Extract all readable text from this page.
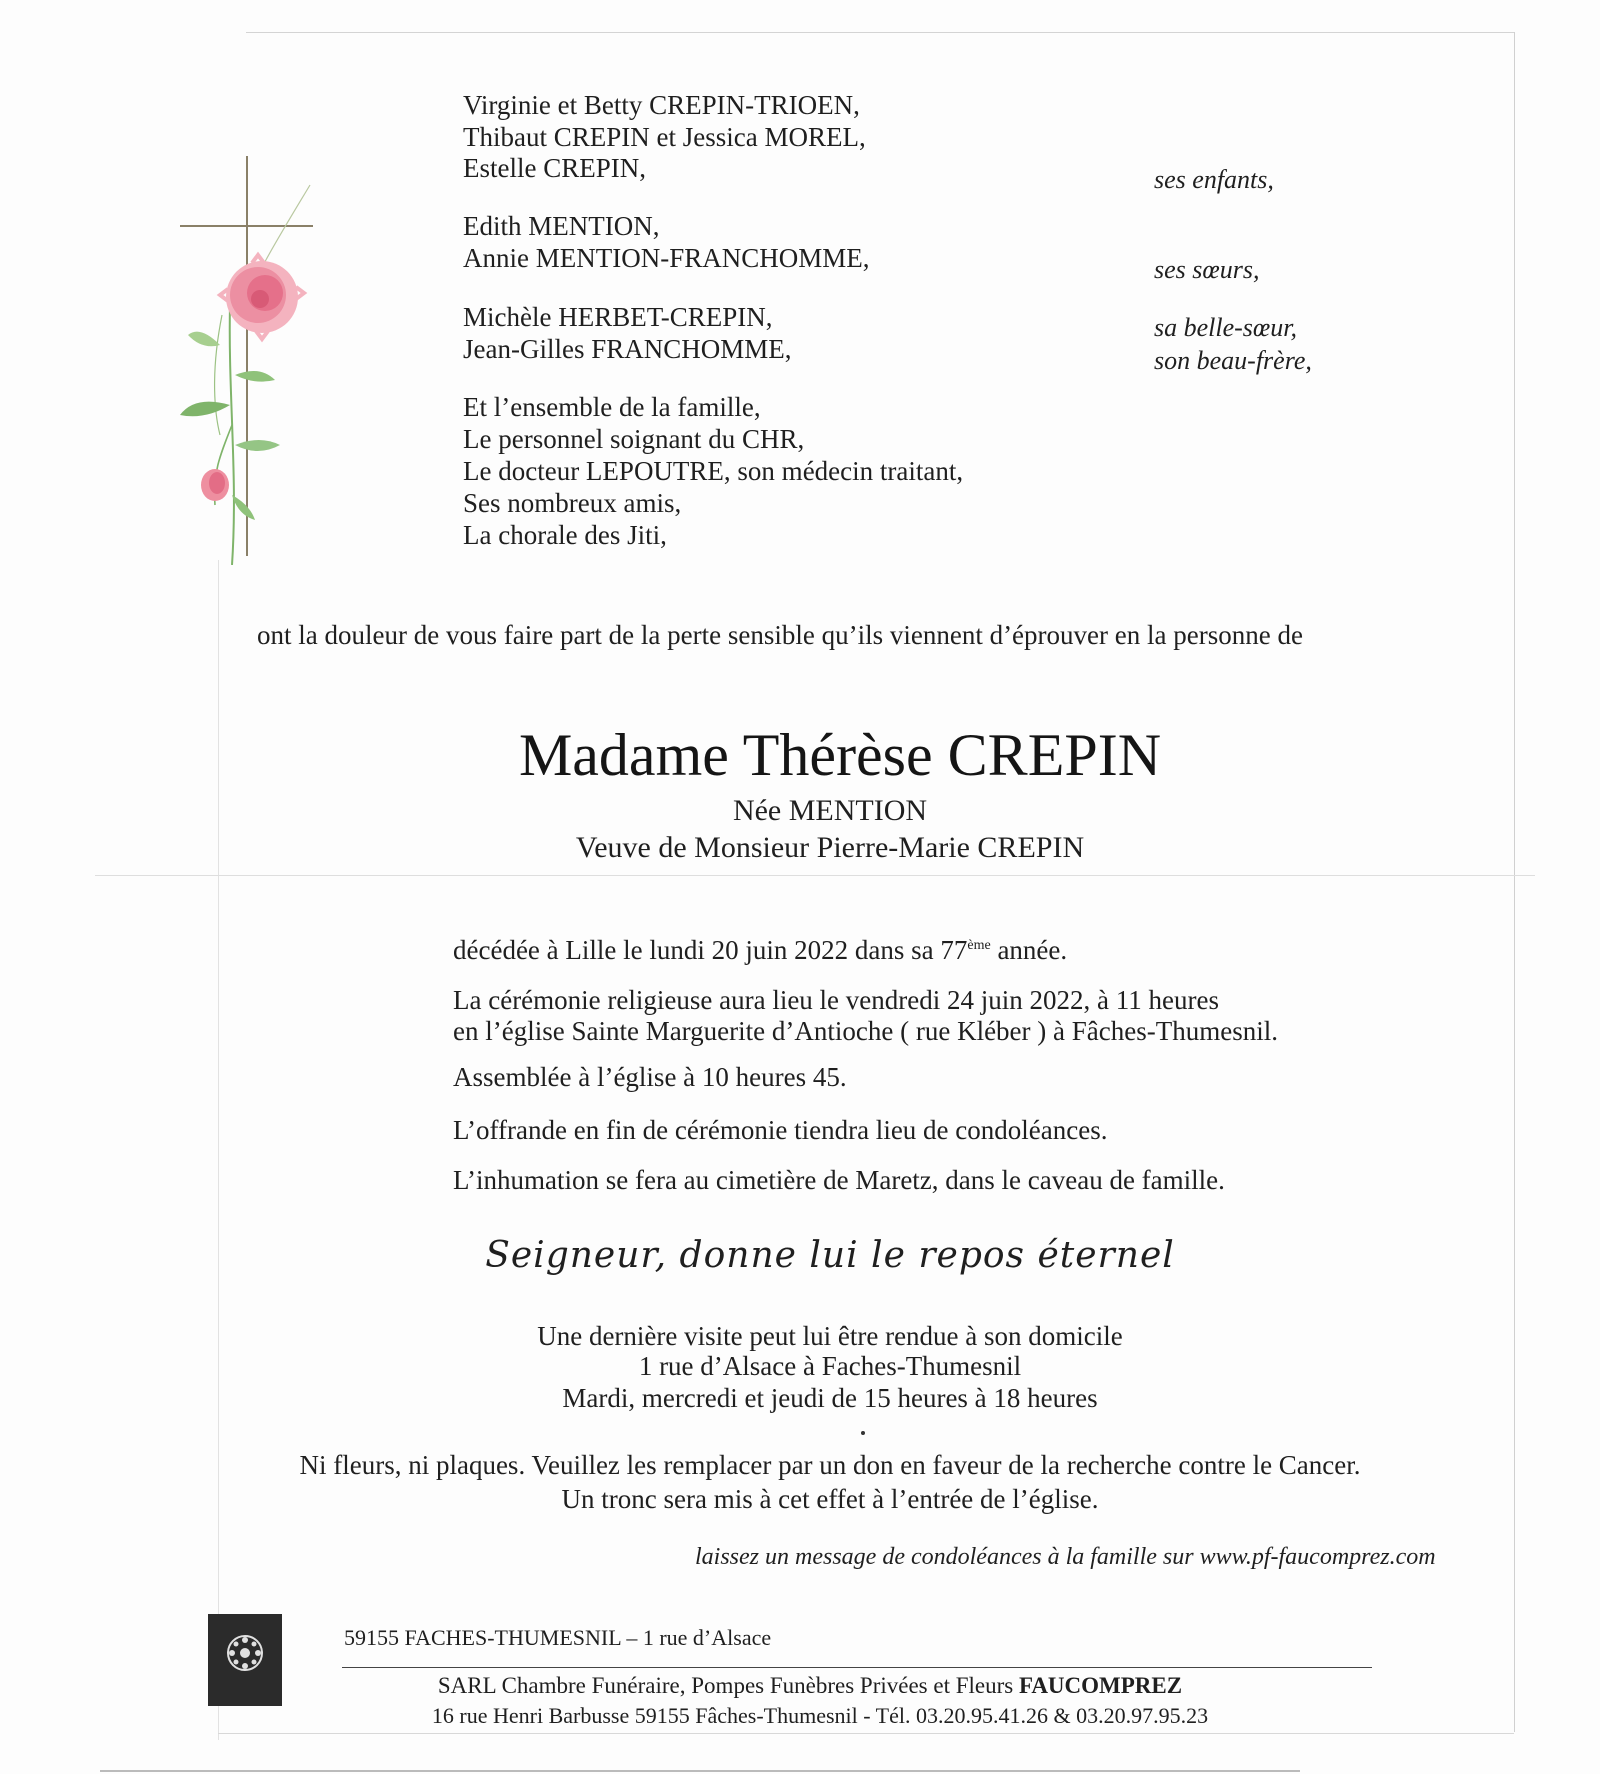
Virginie et Betty CREPIN-TRIOEN,
Thibaut CREPIN et Jessica MOREL,
Estelle CREPIN,	ses enfants,
Edith MENTION,
Annie MENTION-FRANCHOMME,	ses sœurs,
Michèle HERBET-CREPIN,
Jean-Gilles FRANCHOMME,
sa belle-sœur,
son beau-frère,
Et l’ensemble de la famille,
Le personnel soignant du CHR,
Le docteur LEPOUTRE, son médecin traitant,
Ses nombreux amis,
La chorale des Jiti,
ont la douleur de vous faire part de la perte sensible qu’ils viennent d’éprouver en la personne de
Madame Thérèse CREPIN
Née MENTION
Veuve de Monsieur Pierre-Marie CREPIN
décédée à Lille le lundi 20 juin 2022 dans sa 77ème année.
La cérémonie religieuse aura lieu le vendredi 24 juin 2022, à 11 heures
en l’église Sainte Marguerite d’Antioche ( rue Kléber ) à Fâches-Thumesnil.
Assemblée à l’église à 10 heures 45.
L’offrande en fin de cérémonie tiendra lieu de condoléances.
L’inhumation se fera au cimetière de Maretz, dans le caveau de famille.
Seigneur, donne lui le repos éternel
Une dernière visite peut lui être rendue à son domicile
1 rue d’Alsace à Faches-Thumesnil
Mardi, mercredi et jeudi de 15 heures à 18 heures
Ni fleurs, ni plaques. Veuillez les remplacer par un don en faveur de la recherche contre le Cancer.
Un tronc sera mis à cet effet à l’entrée de l’église.
laissez un message de condoléances à la famille sur www.pf-faucomprez.com
59155 FACHES-THUMESNIL – 1 rue d’Alsace
SARL Chambre Funéraire, Pompes Funèbres Privées et Fleurs FAUCOMPREZ
16 rue Henri Barbusse 59155 Fâches-Thumesnil - Tél. 03.20.95.41.26 & 03.20.97.95.23
